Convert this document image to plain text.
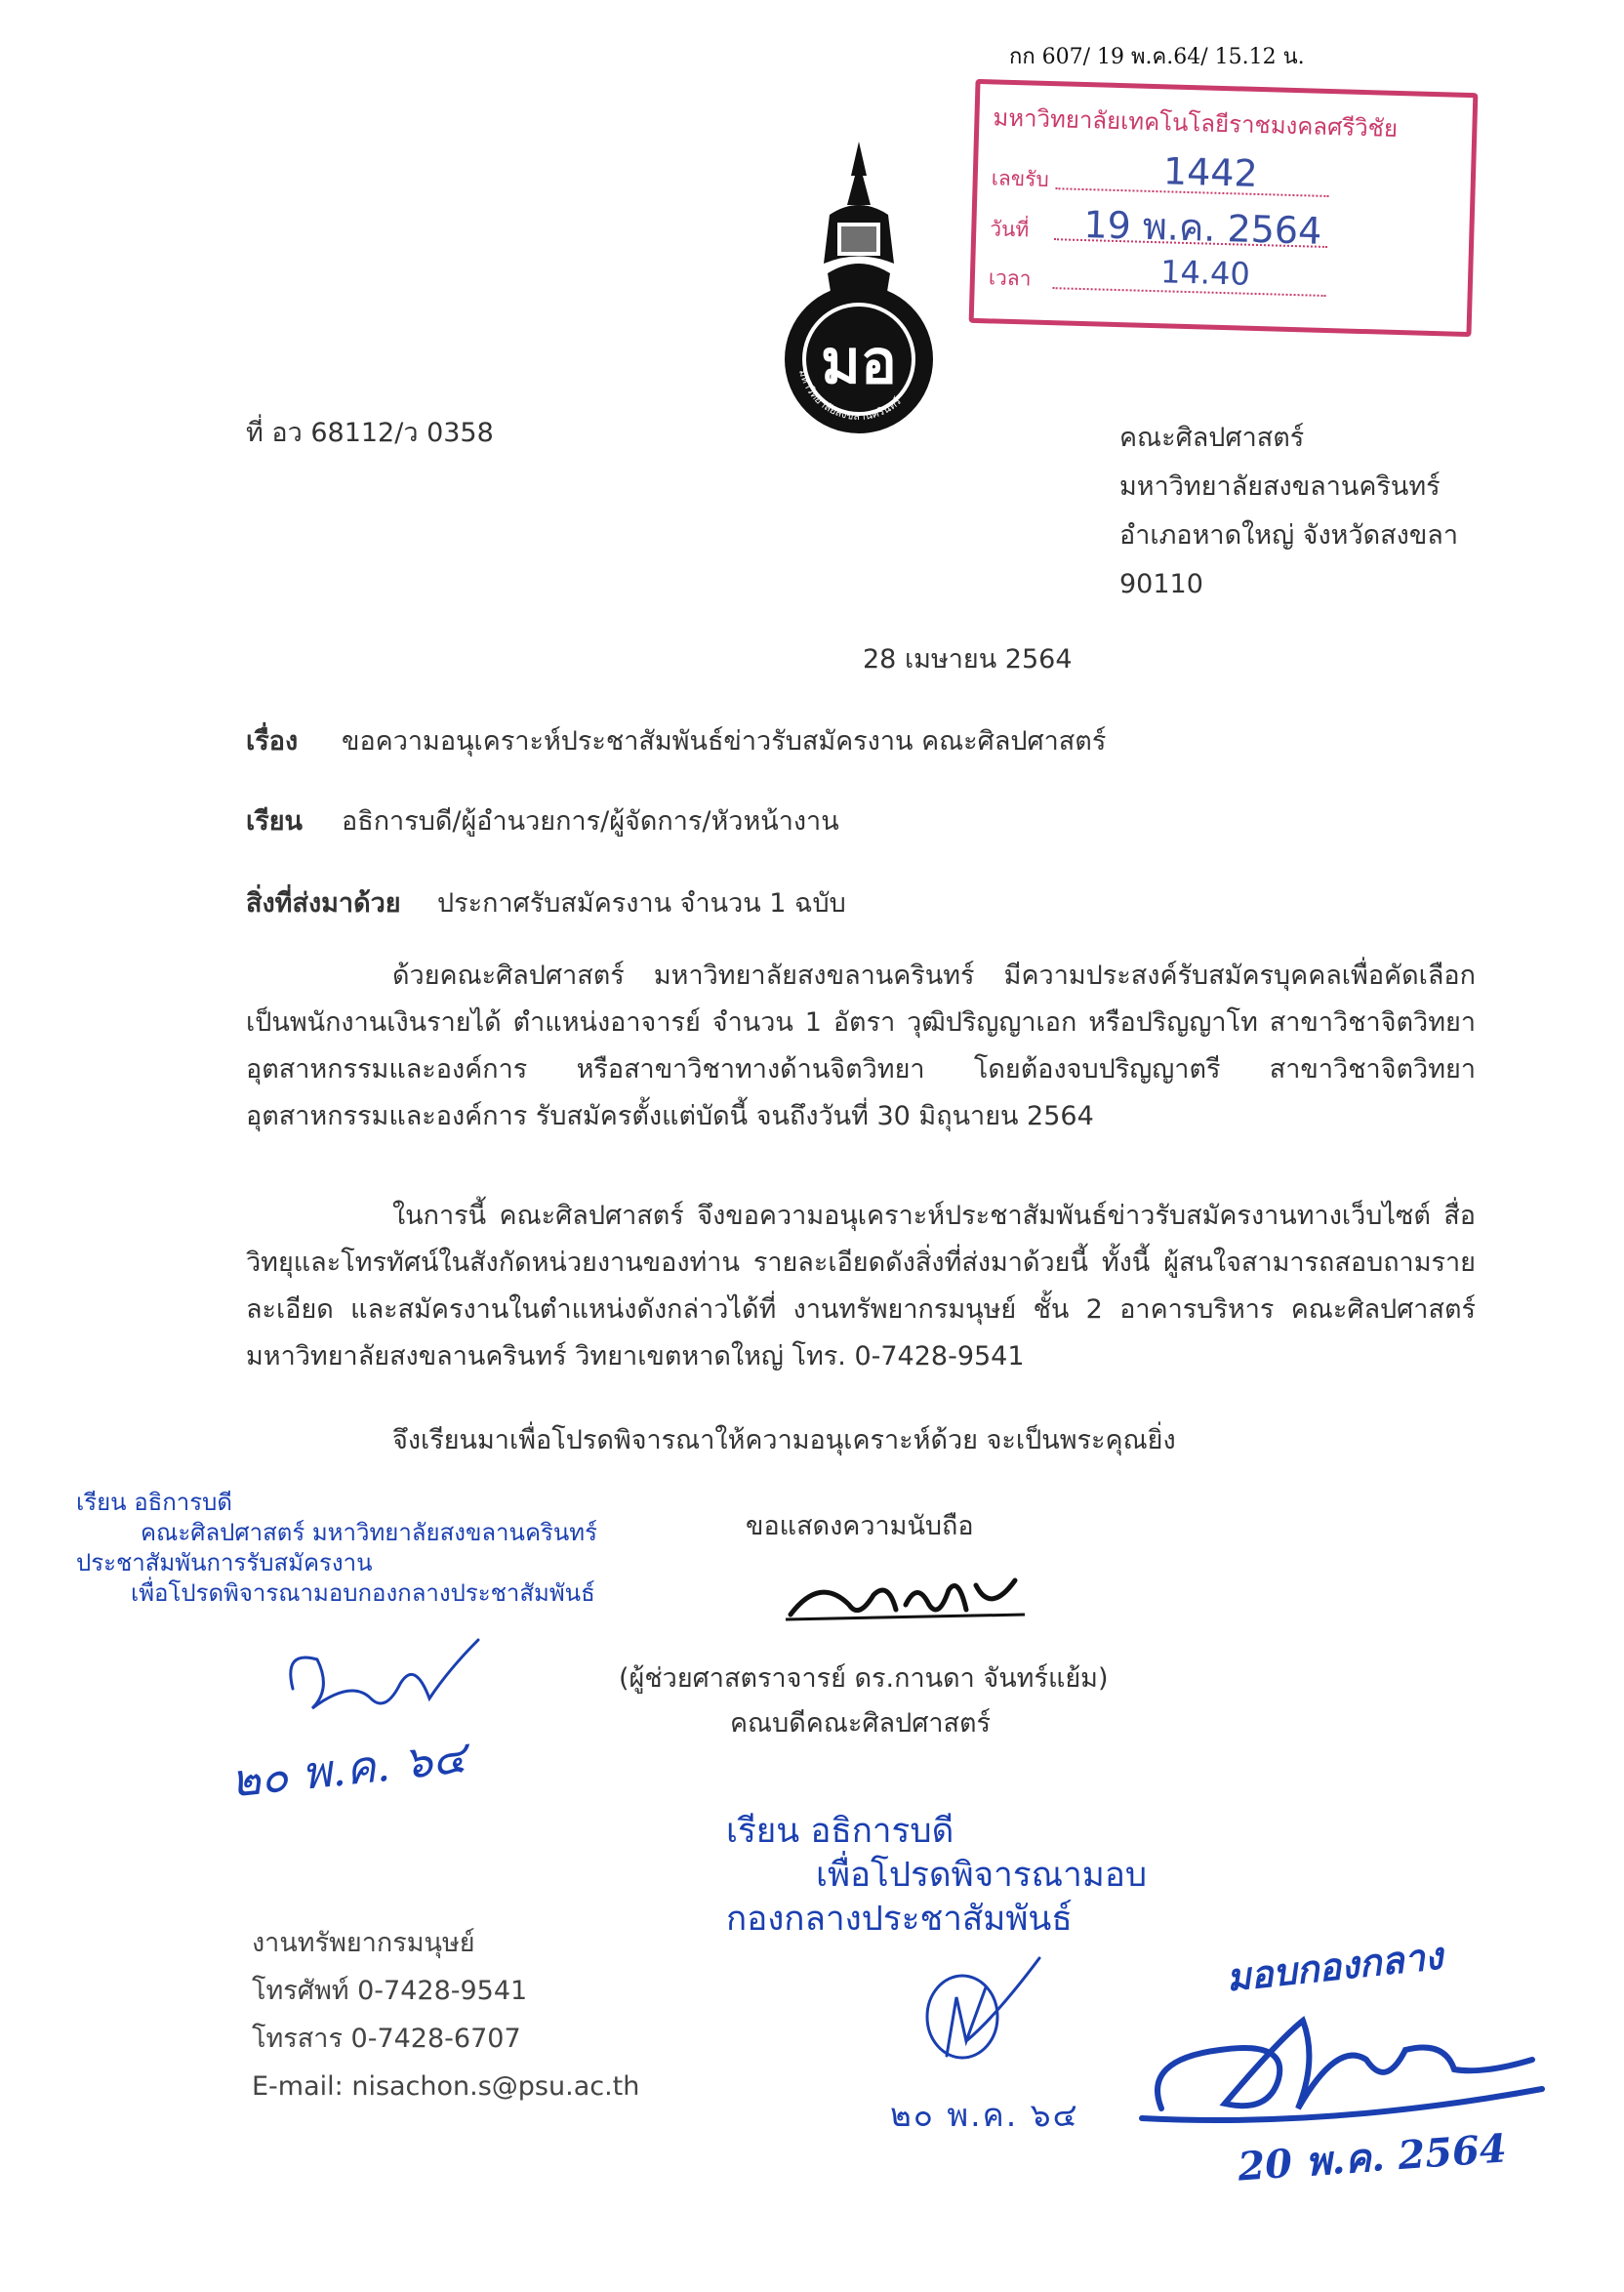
กก 607/ 19 พ.ค.64/ 15.12 น.
มหาวิทยาลัยเทคโนโลยีราชมงคลศรีวิชัย
เลขรับ	1442
วันที่ 19 พ.ค. 2564
เวลา	14.40
มอ
มหาวิทยาลัยสงขลานครินทร์
ที่ อว 68112/ว 0358	คณะศิลปศาสตร์
มหาวิทยาลัยสงขลานครินทร์
อำเภอหาดใหญ่ จังหวัดสงขลา
90110
28 เมษายน 2564
เรื่อง ขอความอนุเคราะห์ประชาสัมพันธ์ข่าวรับสมัครงาน คณะศิลปศาสตร์
เรียน อธิการบดี/ผู้อำนวยการ/ผู้จัดการ/หัวหน้างาน
สิ่งที่ส่งมาด้วย ประกาศรับสมัครงาน จำนวน 1 ฉบับ
ด้วยคณะศิลปศาสตร์ มหาวิทยาลัยสงขลานครินทร์ มีความประสงค์รับสมัครบุคคลเพื่อคัดเลือกเป็นพนักงานเงินรายได้ ตำแหน่งอาจารย์ จำนวน 1 อัตรา วุฒิปริญญาเอก หรือปริญญาโท สาขาวิชาจิตวิทยาอุตสาหกรรมและองค์การ หรือสาขาวิชาทางด้านจิตวิทยา โดยต้องจบปริญญาตรี สาขาวิชาจิตวิทยาอุตสาหกรรมและองค์การ รับสมัครตั้งแต่บัดนี้ จนถึงวันที่ 30 มิถุนายน 2564
ในการนี้ คณะศิลปศาสตร์ จึงขอความอนุเคราะห์ประชาสัมพันธ์ข่าวรับสมัครงานทางเว็บไซต์ สื่อวิทยุและโทรทัศน์ในสังกัดหน่วยงานของท่าน รายละเอียดดังสิ่งที่ส่งมาด้วยนี้ ทั้งนี้ ผู้สนใจสามารถสอบถามรายละเอียด และสมัครงานในตำแหน่งดังกล่าวได้ที่ งานทรัพยากรมนุษย์ ชั้น 2 อาคารบริหาร คณะศิลปศาสตร์ มหาวิทยาลัยสงขลานครินทร์ วิทยาเขตหาดใหญ่ โทร. 0-7428-9541
จึงเรียนมาเพื่อโปรดพิจารณาให้ความอนุเคราะห์ด้วย จะเป็นพระคุณยิ่ง
ขอแสดงความนับถือ
(ผู้ช่วยศาสตราจารย์ ดร.กานดา จันทร์แย้ม)
คณบดีคณะศิลปศาสตร์
เรียน อธิการบดี
คณะศิลปศาสตร์ มหาวิทยาลัยสงขลานครินทร์
ประชาสัมพันการรับสมัครงาน
เพื่อโปรดพิจารณามอบกองกลางประชาสัมพันธ์
๒๐ พ.ค. ๖๔
เรียน อธิการบดี
เพื่อโปรดพิจารณามอบ
กองกลางประชาสัมพันธ์
๒๐ พ.ค. ๖๔
มอบกองกลาง
20 พ.ค. 2564
งานทรัพยากรมนุษย์
โทรศัพท์ 0-7428-9541
โทรสาร 0-7428-6707
E-mail: nisachon.s@psu.ac.th
